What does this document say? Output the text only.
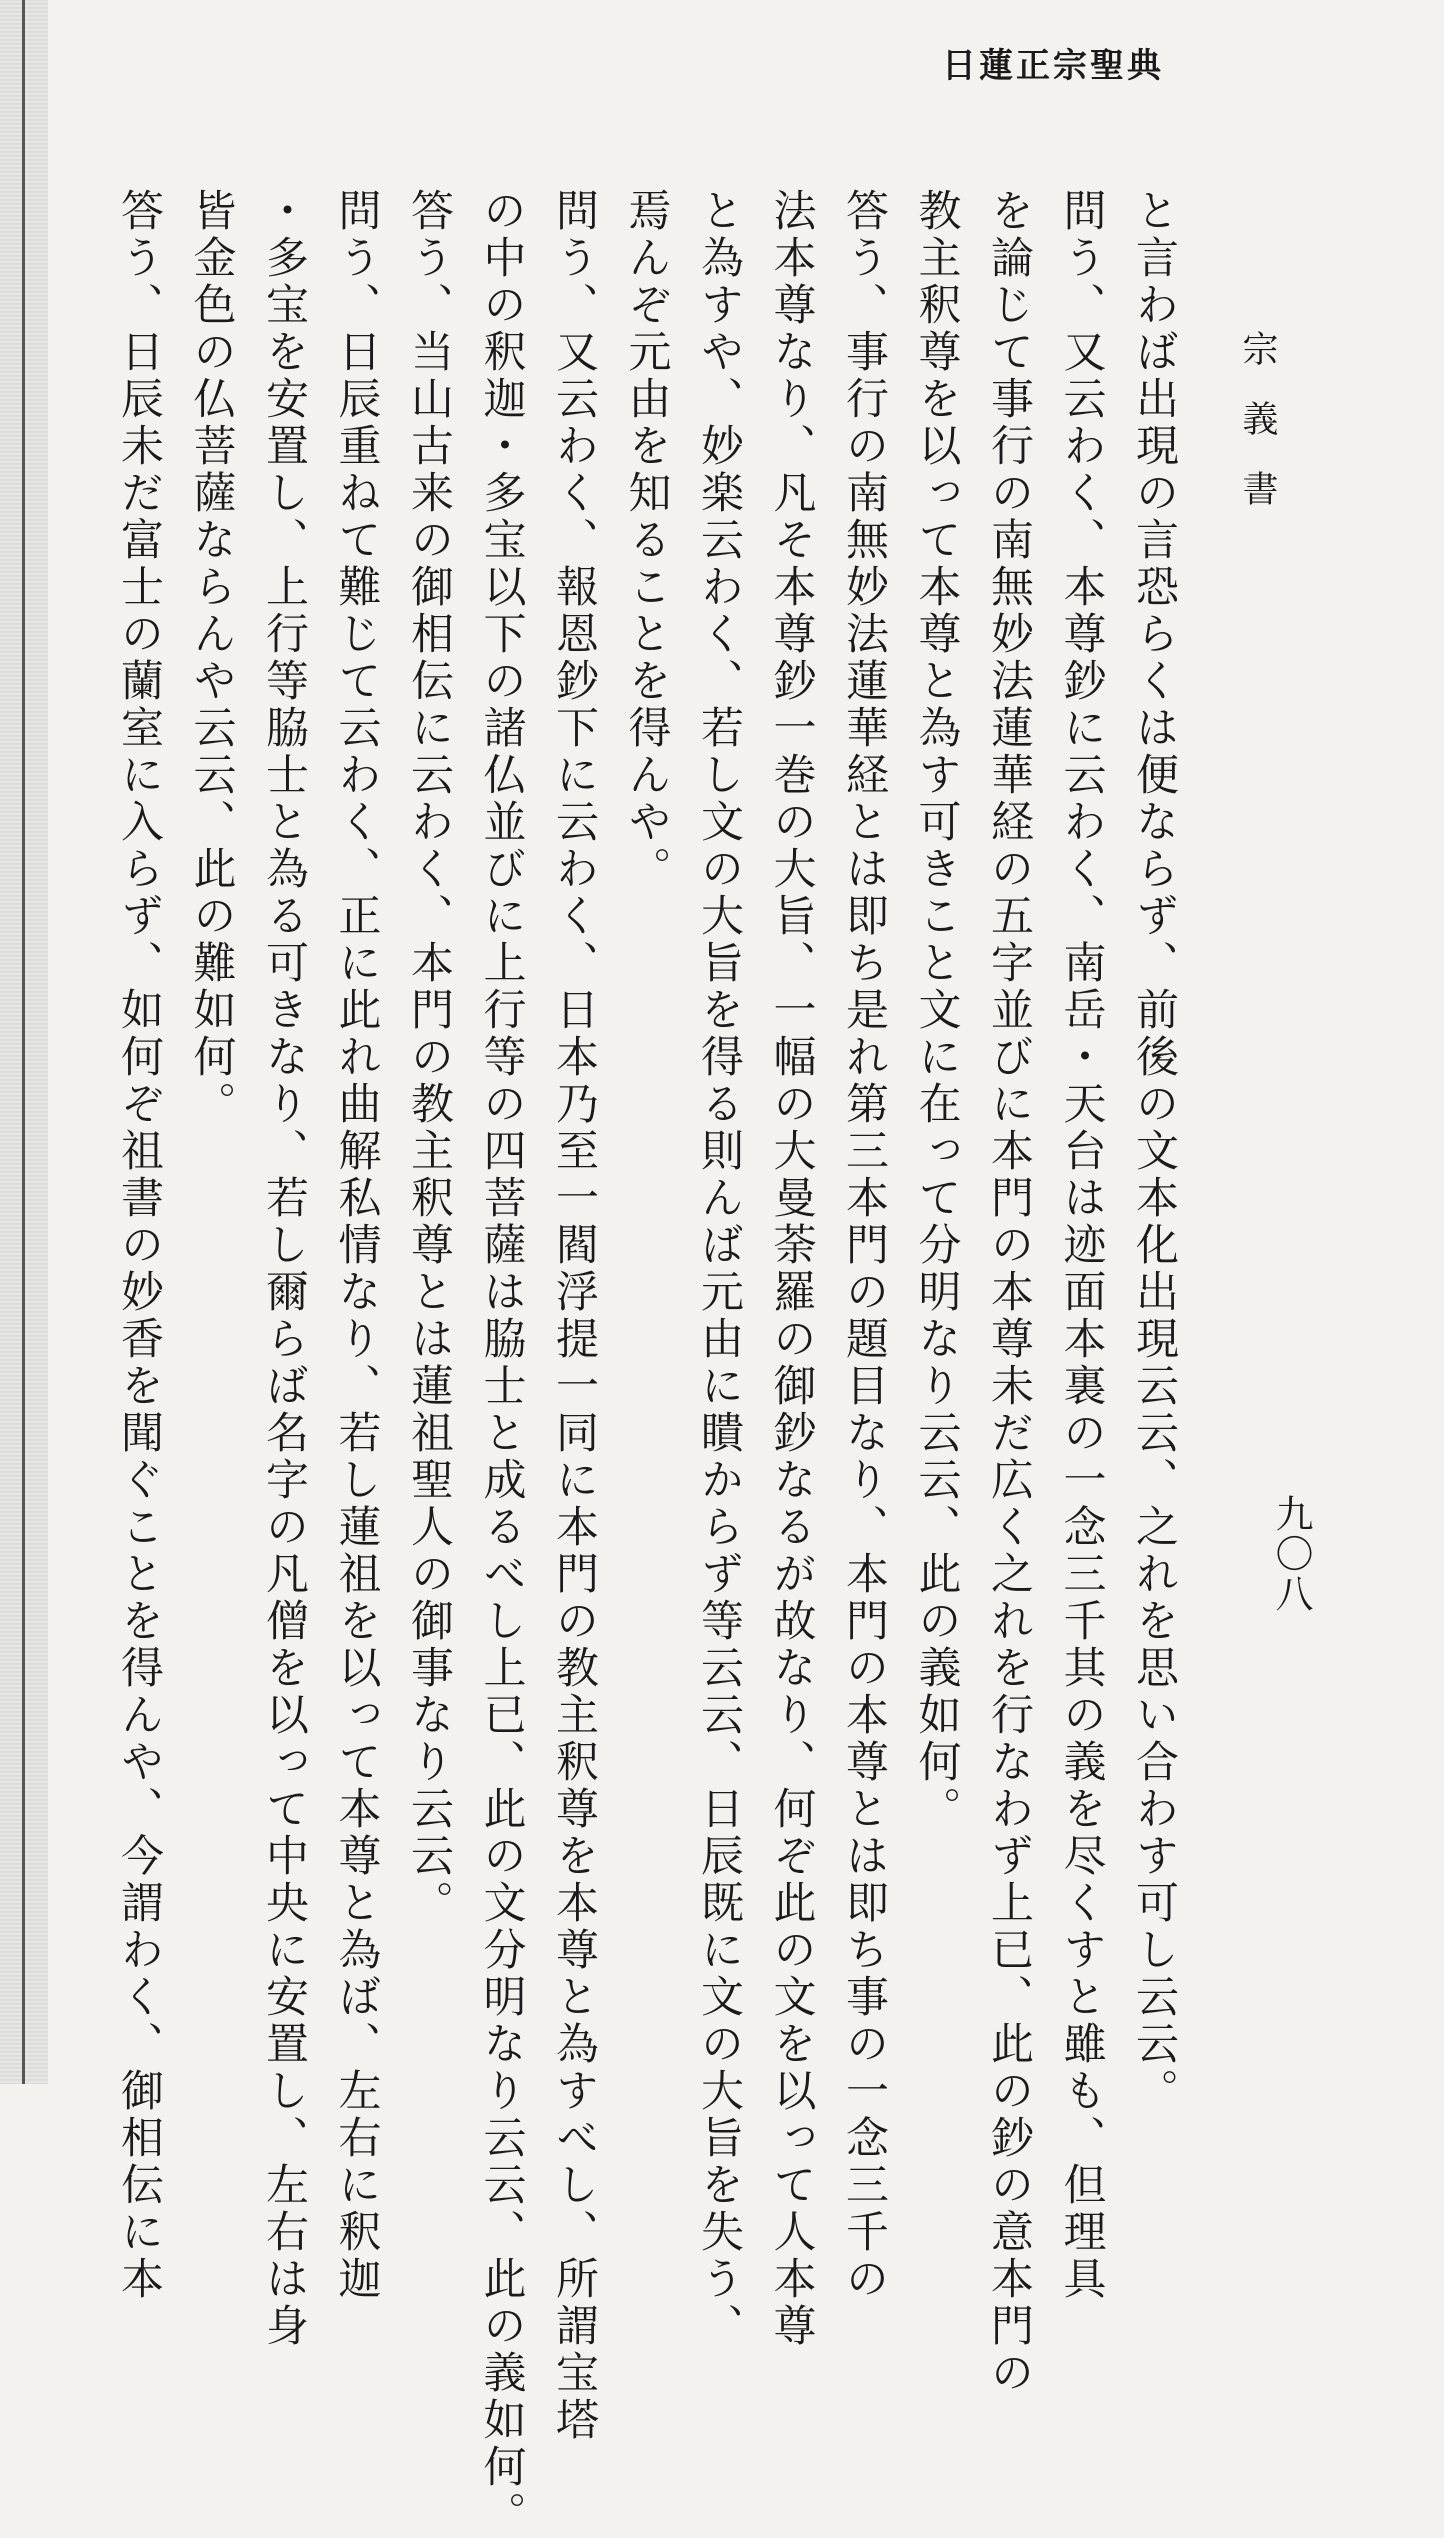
日蓮正宗聖典
宗義書
九〇八
と言わば出現の言恐らくは便ならず、前後の文本化出現云云、之れを思い合わす可し云云。
問う、又云わく、本尊鈔に云わく、南岳・天台は迹面本裏の一念三千其の義を尽くすと雖も、但理具
を論じて事行の南無妙法蓮華経の五字並びに本門の本尊未だ広く之れを行なわず上已、此の鈔の意本門の
教主釈尊を以って本尊と為す可きこと文に在って分明なり云云、此の義如何。
答う、事行の南無妙法蓮華経とは即ち是れ第三本門の題目なり、本門の本尊とは即ち事の一念三千の
法本尊なり、凡そ本尊鈔一巻の大旨、一幅の大曼荼羅の御鈔なるが故なり、何ぞ此の文を以って人本尊
と為すや、妙楽云わく、若し文の大旨を得る則んば元由に瞶からず等云云、日辰既に文の大旨を失う、
焉んぞ元由を知ることを得んや。
問う、又云わく、報恩鈔下に云わく、日本乃至一閻浮提一同に本門の教主釈尊を本尊と為すべし、所謂宝塔
の中の釈迦・多宝以下の諸仏並びに上行等の四菩薩は脇士と成るべし上已、此の文分明なり云云、此の義如何。
答う、当山古来の御相伝に云わく、本門の教主釈尊とは蓮祖聖人の御事なり云云。
問う、日辰重ねて難じて云わく、正に此れ曲解私情なり、若し蓮祖を以って本尊と為ば、左右に釈迦
・多宝を安置し、上行等脇士と為る可きなり、若し爾らば名字の凡僧を以って中央に安置し、左右は身
皆金色の仏菩薩ならんや云云、此の難如何。
答う、日辰未だ富士の蘭室に入らず、如何ぞ祖書の妙香を聞ぐことを得んや、今謂わく、御相伝に本
